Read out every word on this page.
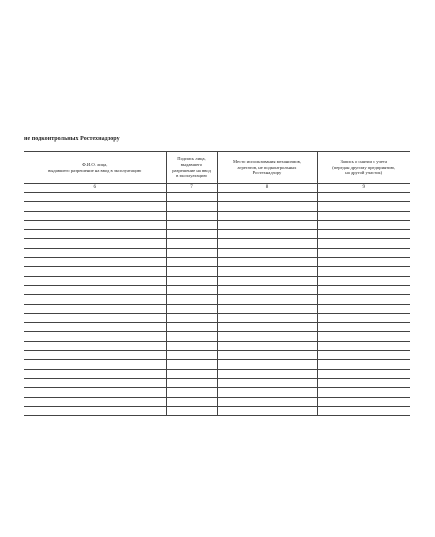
не подконтрольных Ростехнадзору
Ф.И.О. лица,
выдавшего разрешение на ввод в эксплуатацию	Подпись лица,
выдавшего
разрешение на ввод
в эксплуатацию	Место использования механизмов,
агрегатов, не подконтрольных
Ростехнадзору	Запись о снятии с учета
(передан другому предприятию,
на другой участок)

6	7	8	9
